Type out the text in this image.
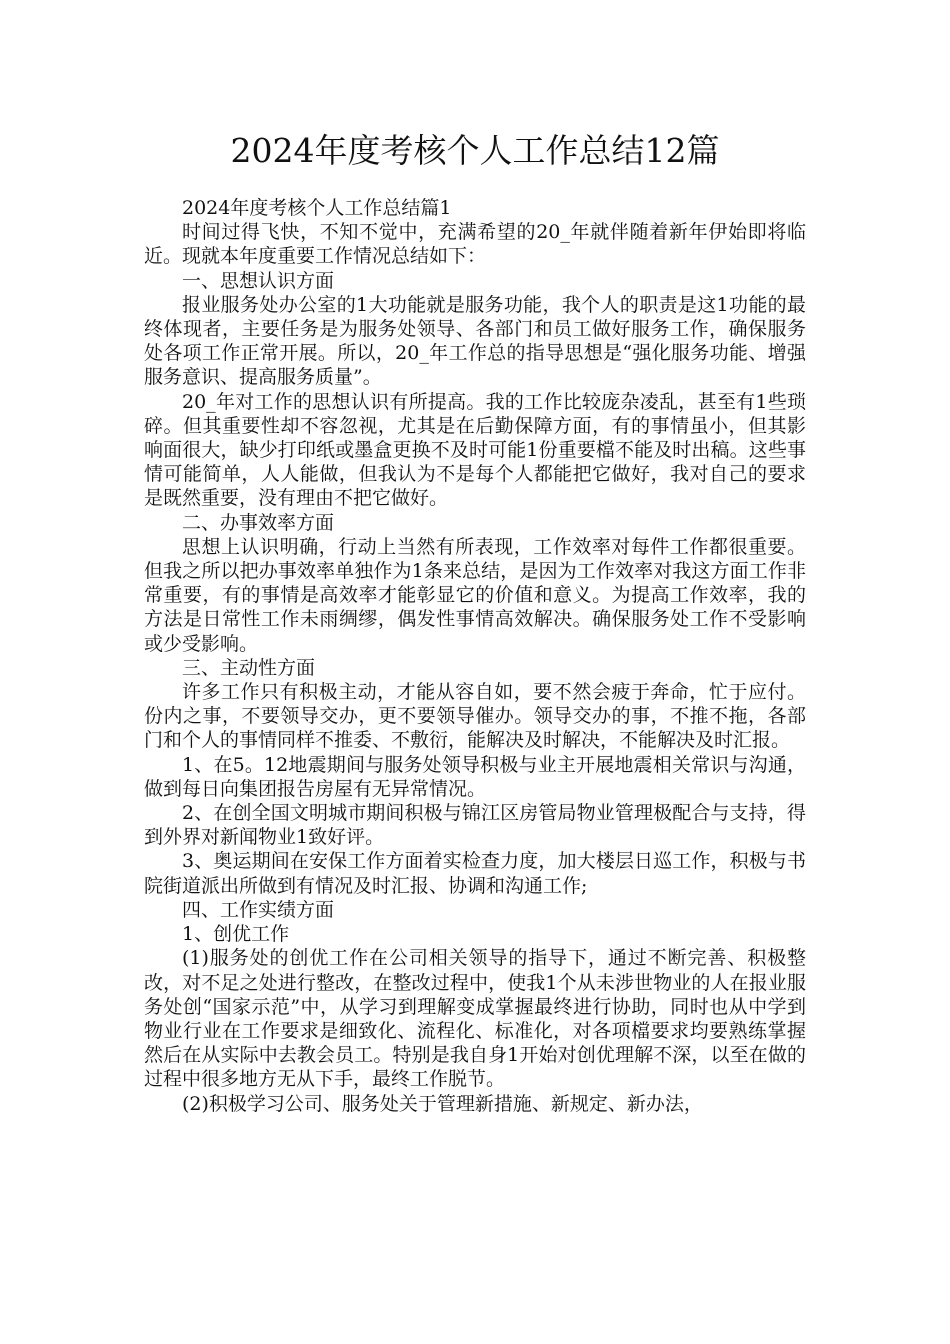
2024年度考核个人工作总结12篇

2024年度考核个人工作总结篇1

时间过得飞快，不知不觉中，充满希望的20_年就伴随着新年伊始即将临近。现就本年度重要工作情况总结如下：

一、思想认识方面

报业服务处办公室的1大功能就是服务功能，我个人的职责是这1功能的最终体现者，主要任务是为服务处领导、各部门和员工做好服务工作，确保服务处各项工作正常开展。所以，20_年工作总的指导思想是“强化服务功能、增强服务意识、提高服务质量”。

20_年对工作的思想认识有所提高。我的工作比较庞杂凌乱，甚至有1些琐碎。但其重要性却不容忽视，尤其是在后勤保障方面，有的事情虽小，但其影响面很大，缺少打印纸或墨盒更换不及时可能1份重要檔不能及时出稿。这些事情可能简单，人人能做，但我认为不是每个人都能把它做好，我对自己的要求是既然重要，没有理由不把它做好。

二、办事效率方面

思想上认识明确，行动上当然有所表现，工作效率对每件工作都很重要。但我之所以把办事效率单独作为1条来总结，是因为工作效率对我这方面工作非常重要，有的事情是高效率才能彰显它的价值和意义。为提高工作效率，我的方法是日常性工作未雨绸缪，偶发性事情高效解决。确保服务处工作不受影响或少受影响。

三、主动性方面

许多工作只有积极主动，才能从容自如，要不然会疲于奔命，忙于应付。份内之事，不要领导交办，更不要领导催办。领导交办的事，不推不拖，各部门和个人的事情同样不推委、不敷衍，能解决及时解决，不能解决及时汇报。

1、在5。12地震期间与服务处领导积极与业主开展地震相关常识与沟通，做到每日向集团报告房屋有无异常情况。

2、在创全国文明城市期间积极与锦江区房管局物业管理极配合与支持，得到外界对新闻物业1致好评。

3、奥运期间在安保工作方面着实检查力度，加大楼层日巡工作，积极与书院街道派出所做到有情况及时汇报、协调和沟通工作;

四、工作实绩方面

1、创优工作

(1)服务处的创优工作在公司相关领导的指导下，通过不断完善、积极整改，对不足之处进行整改，在整改过程中，使我1个从未涉世物业的人在报业服务处创“国家示范”中，从学习到理解变成掌握最终进行协助，同时也从中学到物业行业在工作要求是细致化、流程化、标准化，对各项檔要求均要熟练掌握然后在从实际中去教会员工。特别是我自身1开始对创优理解不深，以至在做的过程中很多地方无从下手，最终工作脱节。

(2)积极学习公司、服务处关于管理新措施、新规定、新办法，
